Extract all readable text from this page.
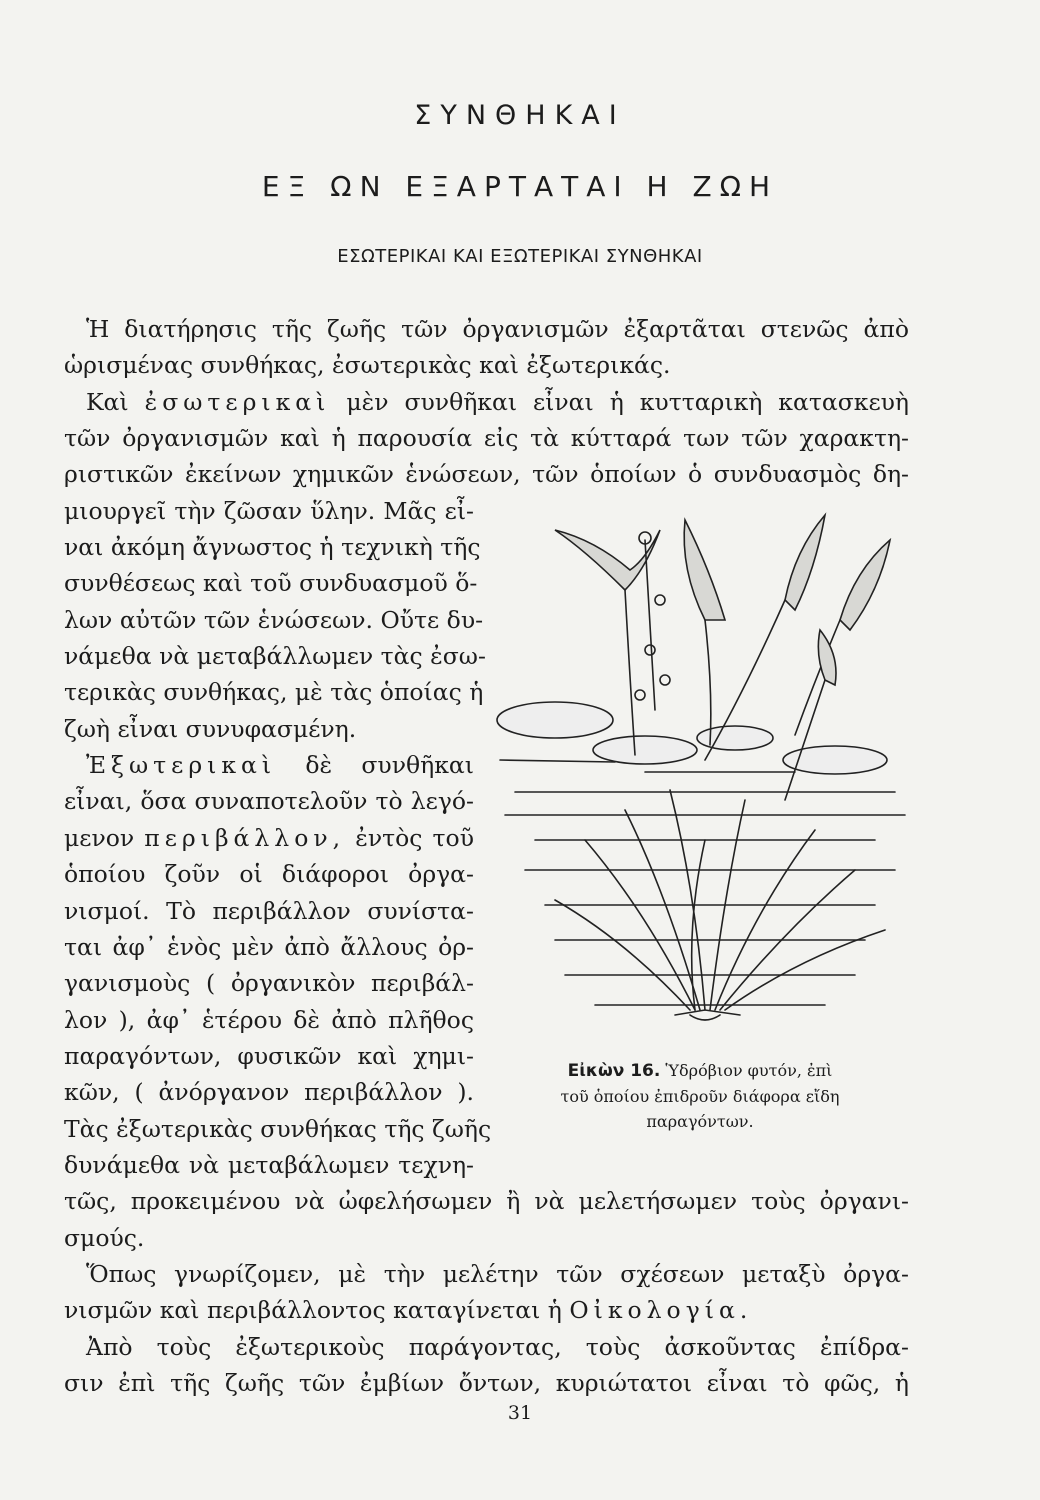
ΣΥΝΘΗΚΑΙ
ΕΞ ΩΝ ΕΞΑΡΤΑΤΑΙ Η ΖΩΗ
ΕΣΩΤΕΡΙΚΑΙ ΚΑΙ ΕΞΩΤΕΡΙΚΑΙ ΣΥΝΘΗΚΑΙ
Ἡ διατήρησις τῆς ζωῆς τῶν ὀργανισμῶν ἐξαρτᾶται στενῶς ἀπὸ
ὡρισμένας συνθήκας, ἐσωτερικὰς καὶ ἐξωτερικάς.
Καὶ ἐσωτερικαὶ μὲν συνθῆκαι εἶναι ἡ κυτταρικὴ κατασκευὴ
τῶν ὀργανισμῶν καὶ ἡ παρουσία εἰς τὰ κύτταρά των τῶν χαρακτη-
ριστικῶν ἐκείνων χημικῶν ἑνώσεων, τῶν ὁποίων ὁ συνδυασμὸς δη-
μιουργεῖ τὴν ζῶσαν ὕλην. Μᾶς εἶ-
ναι ἀκόμη ἄγνωστος ἡ τεχνικὴ τῆς
συνθέσεως καὶ τοῦ συνδυασμοῦ ὅ-
λων αὐτῶν τῶν ἑνώσεων. Οὔτε δυ-
νάμεθα νὰ μεταβάλλωμεν τὰς ἐσω-
τερικὰς συνθήκας, μὲ τὰς ὁποίας ἡ
ζωὴ εἶναι συνυφασμένη.
Ἐξωτερικαὶ δὲ συνθῆκαι
εἶναι, ὅσα συναποτελοῦν τὸ λεγό-
μενον περιβάλλον, ἐντὸς τοῦ
ὁποίου ζοῦν οἱ διάφοροι ὀργα-
νισμοί. Τὸ περιβάλλον συνίστα-
ται ἀφ᾽ ἑνὸς μὲν ἀπὸ ἄλλους ὀρ-
γανισμοὺς ( ὀργανικὸν περιβάλ-
λον ), ἀφ᾽ ἑτέρου δὲ ἀπὸ πλῆθος
παραγόντων, φυσικῶν καὶ χημι-
κῶν, ( ἀνόργανον περιβάλλον ).
Τὰς ἐξωτερικὰς συνθήκας τῆς ζωῆς
δυνάμεθα νὰ μεταβάλωμεν τεχνη-
τῶς, προκειμένου νὰ ὠφελήσωμεν ἢ νὰ μελετήσωμεν τοὺς ὀργανι-
σμούς.
Ὅπως γνωρίζομεν, μὲ τὴν μελέτην τῶν σχέσεων μεταξὺ ὀργα-
31
Εἰκὼν 16. Ὑδρόβιον φυτόν, ἐπὶ
τοῦ ὁποίου ἐπιδροῦν διάφορα εἴδη
παραγόντων.
νισμῶν καὶ περιβάλλοντος καταγίνεται ἡ Οἰκολογία.
Ἀπὸ τοὺς ἐξωτερικοὺς παράγοντας, τοὺς ἀσκοῦντας ἐπίδρα-
σιν ἐπὶ τῆς ζωῆς τῶν ἐμβίων ὄντων, κυριώτατοι εἶναι τὸ φῶς, ἡ
